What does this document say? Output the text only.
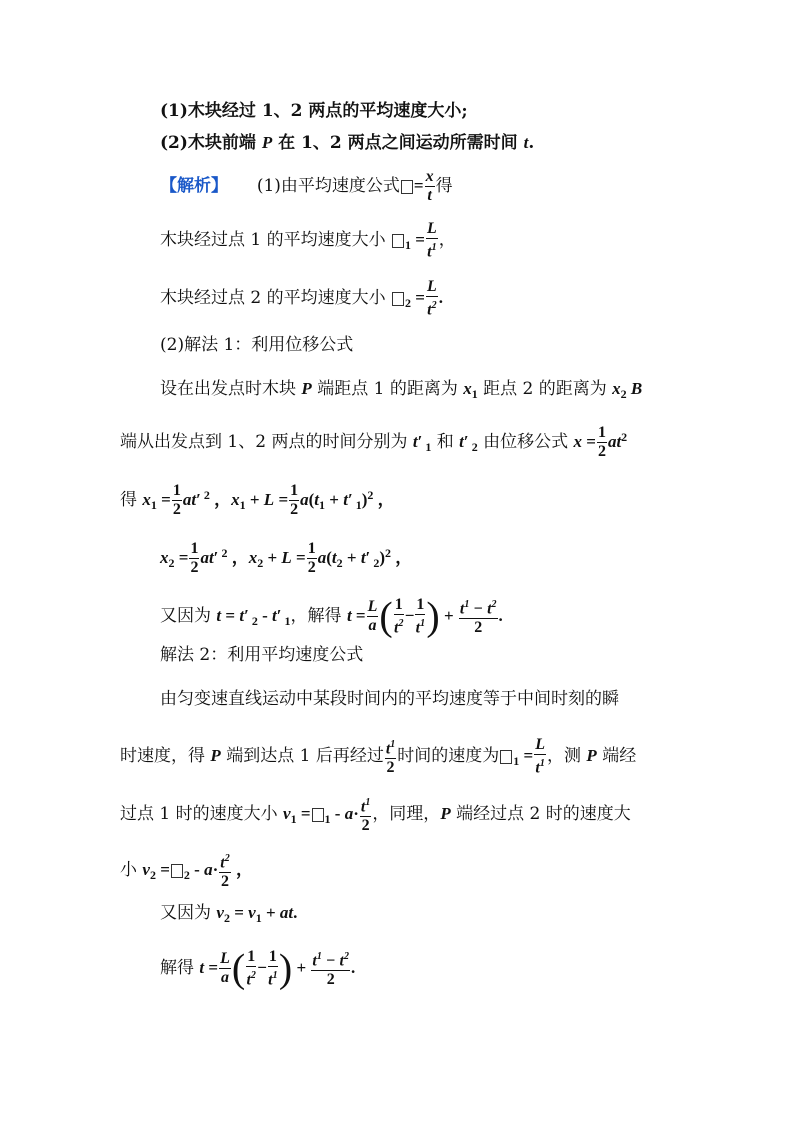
(1)木块经过 1、2 两点的平均速度大小;
(2)木块前端 P 在 1、2 两点之间运动所需时间 t.
【解析】 (1)由平均速度公式 = $\frac{x}{t}$ 得
木块经过点 1 的平均速度大小 $_1 = \frac{L}{t^1}$ ，
木块经过点 2 的平均速度大小 $_2 = \frac{L}{t^2}$ .
(2)解法 1：利用位移公式
设在出发点时木块 P 端距点 1 的距离为 $x_1$ 距点 2 的距离为 $x_2$ B
端从出发点到 1、2 两点的时间分别为 t′ $_1$ 和 t′ $_2$ 由位移公式 $x = \frac{1}{2} at^2$
得 $x_1 = \frac{1}{2} at'$ $^2$ ，$x_1 + L = \frac{1}{2} a(t_1 + t'$ $_1$)$^2$ ，
$x_2 = \frac{1}{2} at'$ $^2$ ，$x_2 + L = \frac{1}{2} a(t_2 + t'$ $_2$)$^2$ ，
又因为 t = t′ $_2$ - t′ $_1$，解得 $t = \frac{L}{a}$ ( $\frac{1}{t^2} - \frac{1}{t^1}$ ) + $\frac{t^1 - t^2}{2}$ .
解法 2：利用平均速度公式
由匀变速直线运动中某段时间内的平均速度等于中间时刻的瞬
时速度，得 P 端到达点 1 后再经过 $\frac{t^1}{2}$ 时间的速度为 $_1 = \frac{L}{t^1}$ ，测 P 端经
过点 1 时的速度大小 $v_1 = _1 - a\cdot \frac{t^1}{2}$ ，同理，P 端经过点 2 时的速度大
小 $v_2 = _2 - a\cdot \frac{t^2}{2}$ ，
又因为 $v_2 = v_1$ + at.
解得 $t = \frac{L}{a}$ ( $\frac{1}{t^2} - \frac{1}{t^1}$ ) + $\frac{t^1 - t^2}{2}$ .
